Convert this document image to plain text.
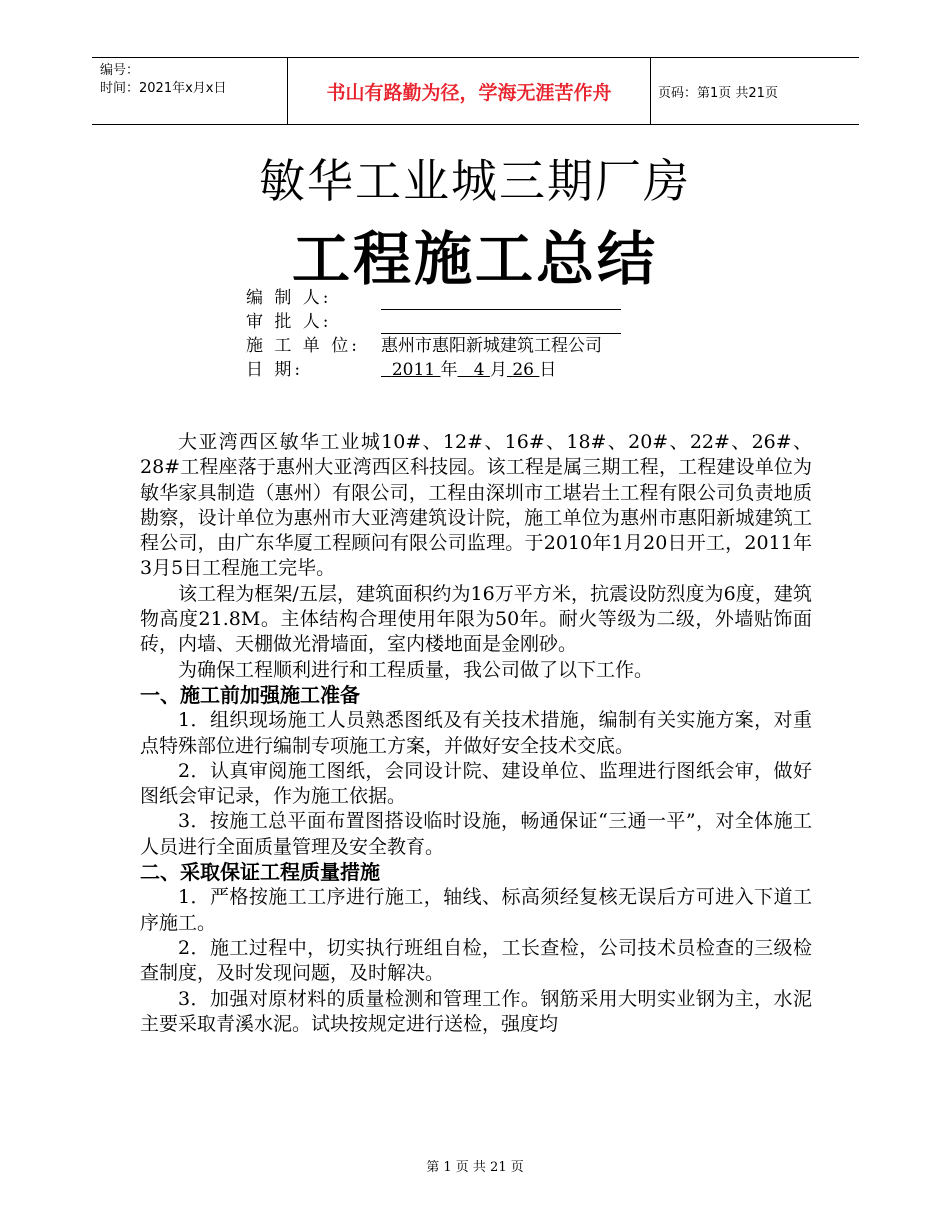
编号：
时间：2021年x月x日	书山有路勤为径，学海无涯苦作舟	页码：第1页 共21页
敏华工业城三期厂房
工程施工总结
编 制 人:
审 批 人:
施 工 单 位:	惠州市惠阳新城建筑工程公司
日 期:	2011 年 4 月 26 日

大亚湾西区敏华工业城10#、12#、16#、18#、20#、22#、26#、28#工程座落于惠州大亚湾西区科技园。该工程是属三期工程，工程建设单位为敏华家具制造（惠州）有限公司，工程由深圳市工堪岩土工程有限公司负责地质勘察，设计单位为惠州市大亚湾建筑设计院，施工单位为惠州市惠阳新城建筑工程公司，由广东华厦工程顾问有限公司监理。于2010年1月20日开工，2011年3月5日工程施工完毕。

该工程为框架/五层，建筑面积约为16万平方米，抗震设防烈度为6度，建筑物高度21.8M。主体结构合理使用年限为50年。耐火等级为二级，外墙贴饰面砖，内墙、天棚做光滑墙面，室内楼地面是金刚砂。

为确保工程顺利进行和工程质量，我公司做了以下工作。

一、施工前加强施工准备

1．组织现场施工人员熟悉图纸及有关技术措施，编制有关实施方案，对重点特殊部位进行编制专项施工方案，并做好安全技术交底。

2．认真审阅施工图纸，会同设计院、建设单位、监理进行图纸会审，做好图纸会审记录，作为施工依据。

3．按施工总平面布置图搭设临时设施，畅通保证“三通一平”，对全体施工人员进行全面质量管理及安全教育。

二、采取保证工程质量措施

1．严格按施工工序进行施工，轴线、标高须经复核无误后方可进入下道工序施工。

2．施工过程中，切实执行班组自检，工长查检，公司技术员检查的三级检查制度，及时发现问题，及时解决。

3．加强对原材料的质量检测和管理工作。钢筋采用大明实业钢为主，水泥主要采取青溪水泥。试块按规定进行送检，强度均

第 1 页 共 21 页
